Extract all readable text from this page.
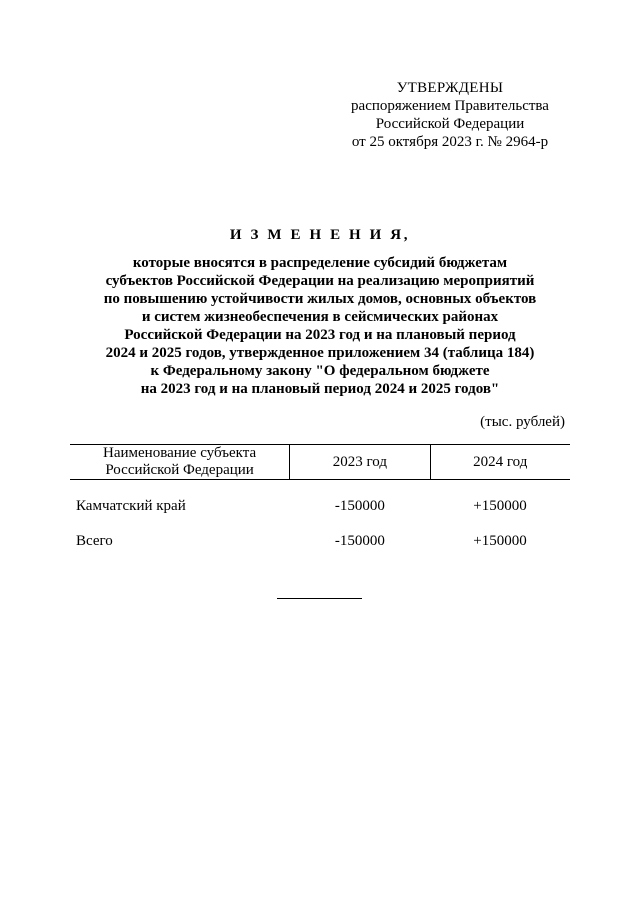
УТВЕРЖДЕНЫ
распоряжением Правительства
Российской Федерации
от 25 октября 2023 г. № 2964-р
И З М Е Н Е Н И Я,
которые вносятся в распределение субсидий бюджетам
субъектов Российской Федерации на реализацию мероприятий
по повышению устойчивости жилых домов, основных объектов
и систем жизнеобеспечения в сейсмических районах
Российской Федерации на 2023 год и на плановый период
2024 и 2025 годов, утвержденное приложением 34 (таблица 184)
к Федеральному закону "О федеральном бюджете
на 2023 год и на плановый период 2024 и 2025 годов"
(тыс. рублей)
Наименование субъекта
Российской Федерации	2023 год	2024 год

Камчатский край	-150000	+150000
Всего	-150000	+150000
